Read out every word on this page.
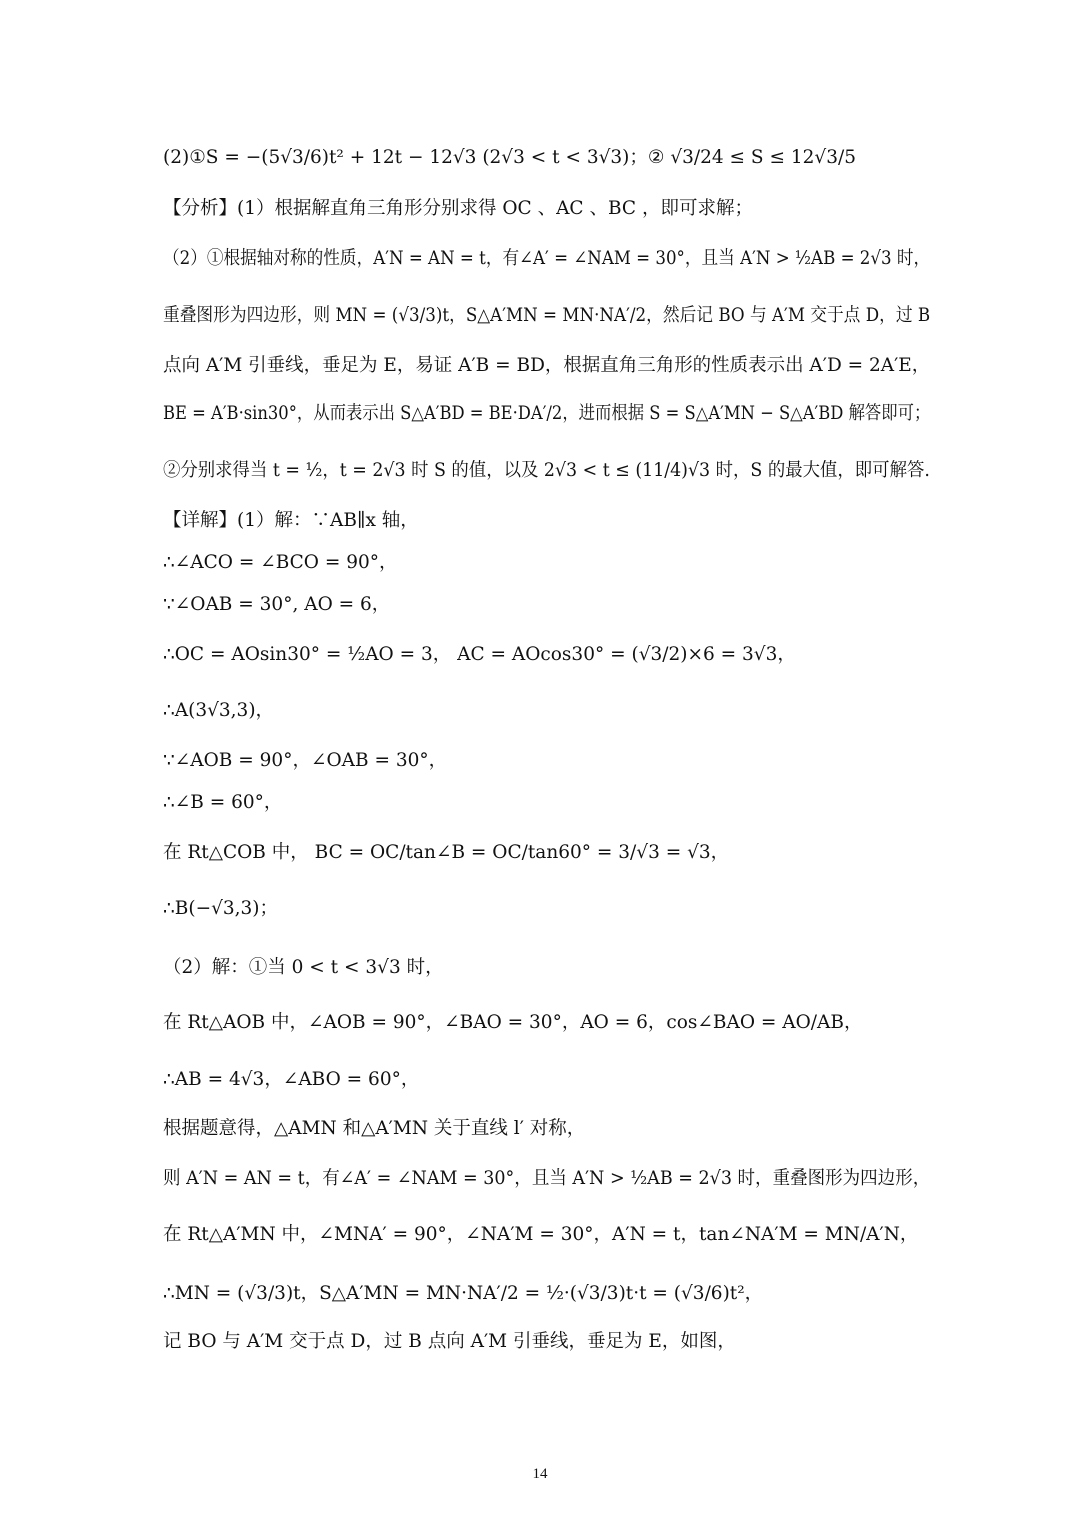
(2)①S = −(5√3/6)t² + 12t − 12√3 (2√3 < t < 3√3)；② √3/24 ≤ S ≤ 12√3/5
【分析】(1）根据解直角三角形分别求得 OC 、AC 、BC ，即可求解；
（2）①根据轴对称的性质，A′N = AN = t，有∠A′ = ∠NAM = 30°，且当 A′N > ½AB = 2√3 时，
重叠图形为四边形，则 MN = (√3/3)t，S△A′MN = MN·NA′/2，然后记 BO 与 A′M 交于点 D，过 B
点向 A′M 引垂线，垂足为 E，易证 A′B = BD，根据直角三角形的性质表示出 A′D = 2A′E，
BE = A′B·sin30°，从而表示出 S△A′BD = BE·DA′/2，进而根据 S = S△A′MN − S△A′BD 解答即可；
②分别求得当 t = ½，t = 2√3 时 S 的值，以及 2√3 < t ≤ (11/4)√3 时，S 的最大值，即可解答.
【详解】(1）解：∵AB∥x 轴，
∴∠ACO = ∠BCO = 90°，
∵∠OAB = 30°, AO = 6，
∴OC = AOsin30° = ½AO = 3， AC = AOcos30° = (√3/2)×6 = 3√3，
∴A(3√3,3)，
∵∠AOB = 90°，∠OAB = 30°，
∴∠B = 60°，
在 Rt△COB 中， BC = OC/tan∠B = OC/tan60° = 3/√3 = √3，
∴B(−√3,3)；
（2）解：①当 0 < t < 3√3 时，
在 Rt△AOB 中，∠AOB = 90°，∠BAO = 30°，AO = 6，cos∠BAO = AO/AB，
∴AB = 4√3，∠ABO = 60°，
根据题意得，△AMN 和△A′MN 关于直线 l′ 对称，
则 A′N = AN = t，有∠A′ = ∠NAM = 30°，且当 A′N > ½AB = 2√3 时，重叠图形为四边形，
在 Rt△A′MN 中，∠MNA′ = 90°，∠NA′M = 30°，A′N = t，tan∠NA′M = MN/A′N，
∴MN = (√3/3)t，S△A′MN = MN·NA′/2 = ½·(√3/3)t·t = (√3/6)t²，
记 BO 与 A′M 交于点 D，过 B 点向 A′M 引垂线，垂足为 E，如图，
14
